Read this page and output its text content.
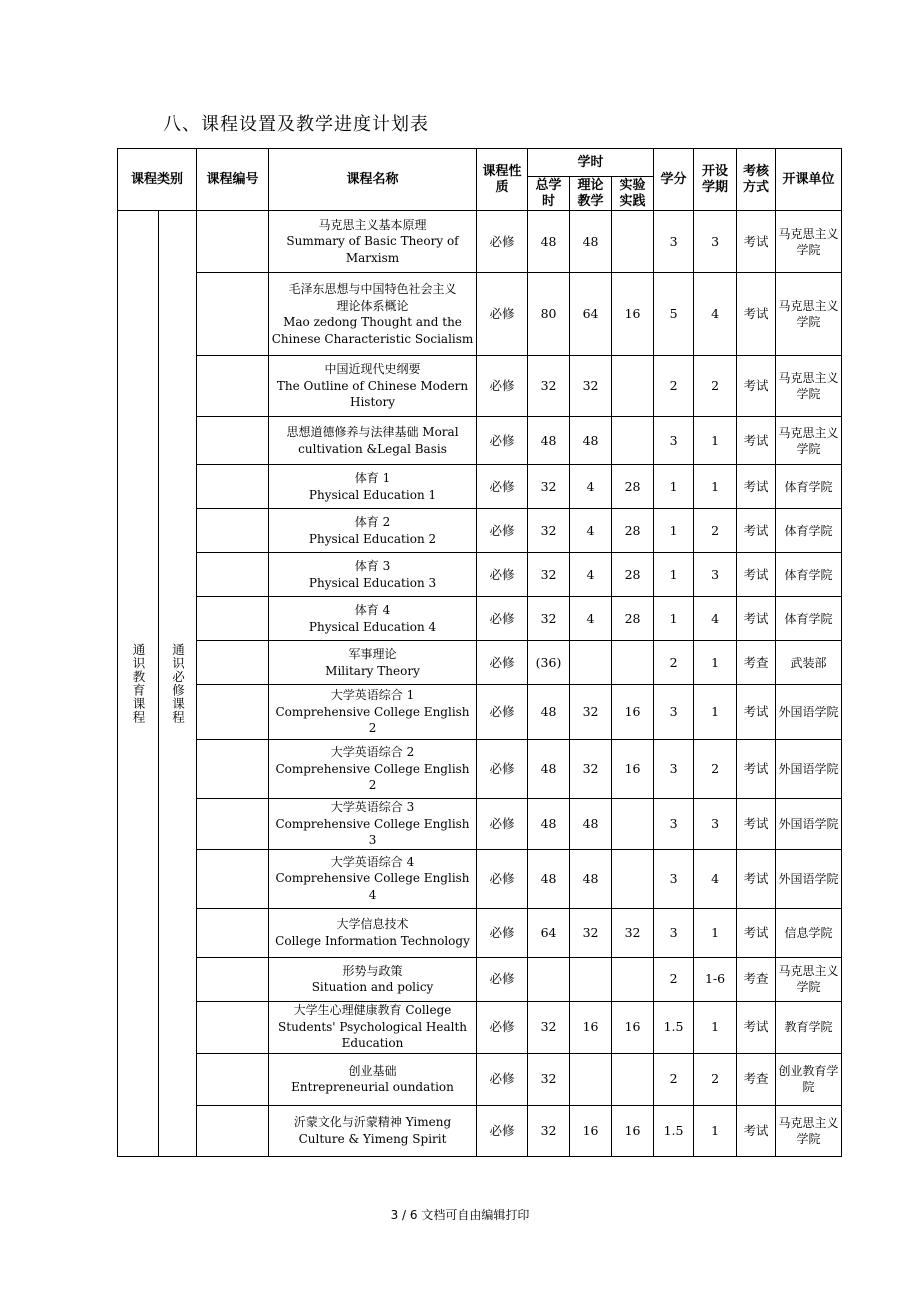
八、课程设置及教学进度计划表
课程类别		课程编号	课程名称	课程性质	学时			学分	开设学期	考核方式	开课单位
					总学时	理论教学	实验实践				

通识教育课程	通识必修课程		马克思主义基本原理
Summary of Basic Theory of
Marxism	必修	48	48		3	3	考试	马克思主义学院

			毛泽东思想与中国特色社会主义
理论体系概论
Mao zedong Thought and the
Chinese Characteristic Socialism	必修	80	64	16	5	4	考试	马克思主义学院

			中国近现代史纲要
The Outline of Chinese Modern
History	必修	32	32		2	2	考试	马克思主义学院

			思想道德修养与法律基础 Moral
cultivation &Legal Basis	必修	48	48		3	1	考试	马克思主义学院

			体育 1
Physical Education 1	必修	32	4	28	1	1	考试	体育学院

			体育 2
Physical Education 2	必修	32	4	28	1	2	考试	体育学院

			体育 3
Physical Education 3	必修	32	4	28	1	3	考试	体育学院

			体育 4
Physical Education 4	必修	32	4	28	1	4	考试	体育学院

			军事理论
Military Theory	必修	(36)			2	1	考查	武装部

			大学英语综合 1
Comprehensive College English 2	必修	48	32	16	3	1	考试	外国语学院

			大学英语综合 2
Comprehensive College English 2	必修	48	32	16	3	2	考试	外国语学院

			大学英语综合 3
Comprehensive College English 3	必修	48	48		3	3	考试	外国语学院

			大学英语综合 4
Comprehensive College English 4	必修	48	48		3	4	考试	外国语学院

			大学信息技术
College Information Technology	必修	64	32	32	3	1	考试	信息学院

			形势与政策
Situation and policy	必修				2	1-6	考查	马克思主义学院

			大学生心理健康教育 College
Students' Psychological Health
Education	必修	32	16	16	1.5	1	考试	教育学院

			创业基础
Entrepreneurial oundation	必修	32			2	2	考查	创业教育学院

			沂蒙文化与沂蒙精神 Yimeng
Culture & Yimeng Spirit	必修	32	16	16	1.5	1	考试	马克思主义学院
3 / 6 文档可自由编辑打印
